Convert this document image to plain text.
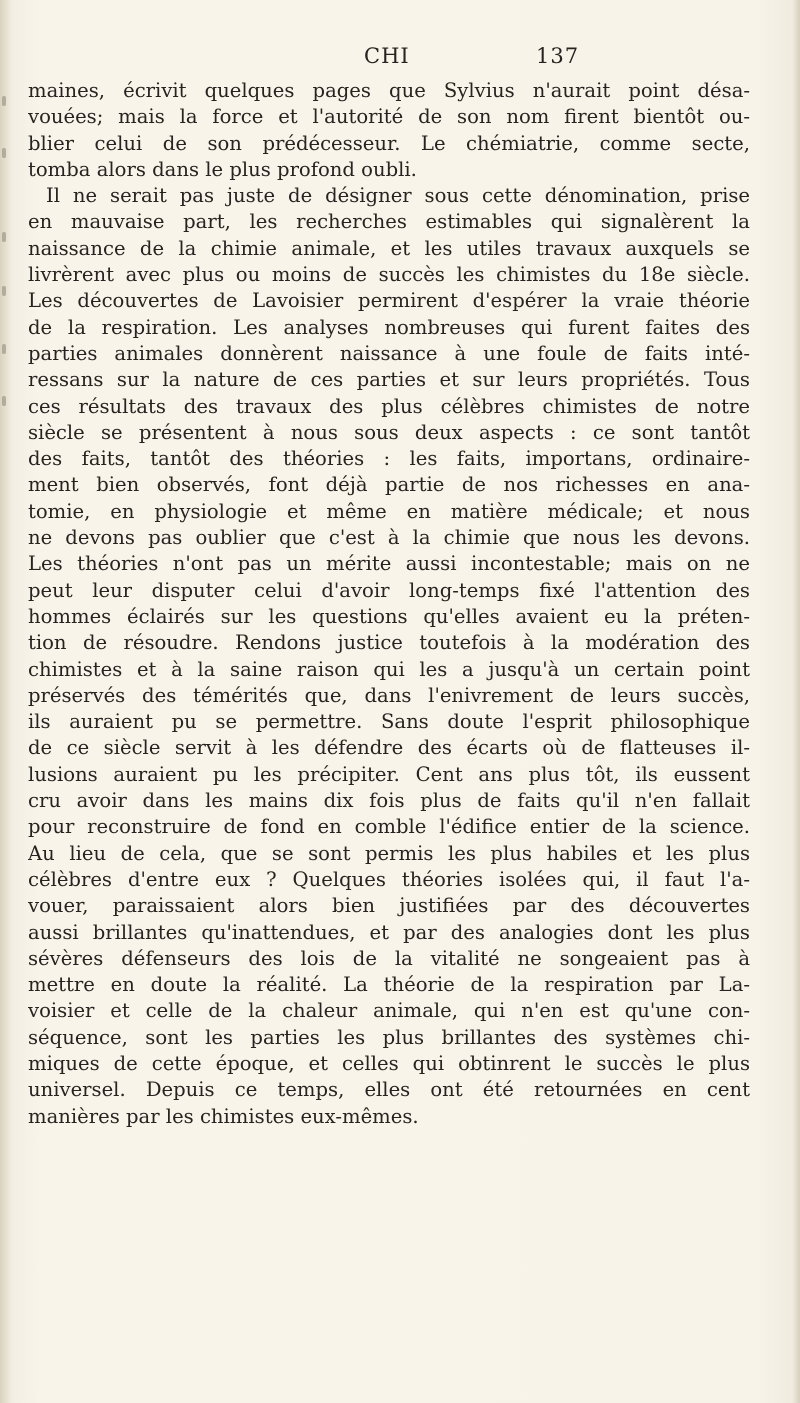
CHI	137
maines, écrivit quelques pages que Sylvius n'aurait point désa-
vouées; mais la force et l'autorité de son nom firent bientôt ou-
blier celui de son prédécesseur. Le chémiatrie, comme secte,
tomba alors dans le plus profond oubli.
Il ne serait pas juste de désigner sous cette dénomination, prise
en mauvaise part, les recherches estimables qui signalèrent la
naissance de la chimie animale, et les utiles travaux auxquels se
livrèrent avec plus ou moins de succès les chimistes du 18e siècle.
Les découvertes de Lavoisier permirent d'espérer la vraie théorie
de la respiration. Les analyses nombreuses qui furent faites des
parties animales donnèrent naissance à une foule de faits inté-
ressans sur la nature de ces parties et sur leurs propriétés. Tous
ces résultats des travaux des plus célèbres chimistes de notre
siècle se présentent à nous sous deux aspects : ce sont tantôt
des faits, tantôt des théories : les faits, importans, ordinaire-
ment bien observés, font déjà partie de nos richesses en ana-
tomie, en physiologie et même en matière médicale; et nous
ne devons pas oublier que c'est à la chimie que nous les devons.
Les théories n'ont pas un mérite aussi incontestable; mais on ne
peut leur disputer celui d'avoir long-temps fixé l'attention des
hommes éclairés sur les questions qu'elles avaient eu la préten-
tion de résoudre. Rendons justice toutefois à la modération des
chimistes et à la saine raison qui les a jusqu'à un certain point
préservés des témérités que, dans l'enivrement de leurs succès,
ils auraient pu se permettre. Sans doute l'esprit philosophique
de ce siècle servit à les défendre des écarts où de flatteuses il-
lusions auraient pu les précipiter. Cent ans plus tôt, ils eussent
cru avoir dans les mains dix fois plus de faits qu'il n'en fallait
pour reconstruire de fond en comble l'édifice entier de la science.
Au lieu de cela, que se sont permis les plus habiles et les plus
célèbres d'entre eux ? Quelques théories isolées qui, il faut l'a-
vouer, paraissaient alors bien justifiées par des découvertes
aussi brillantes qu'inattendues, et par des analogies dont les plus
sévères défenseurs des lois de la vitalité ne songeaient pas à
mettre en doute la réalité. La théorie de la respiration par La-
voisier et celle de la chaleur animale, qui n'en est qu'une con-
séquence, sont les parties les plus brillantes des systèmes chi-
miques de cette époque, et celles qui obtinrent le succès le plus
universel. Depuis ce temps, elles ont été retournées en cent
manières par les chimistes eux-mêmes.
